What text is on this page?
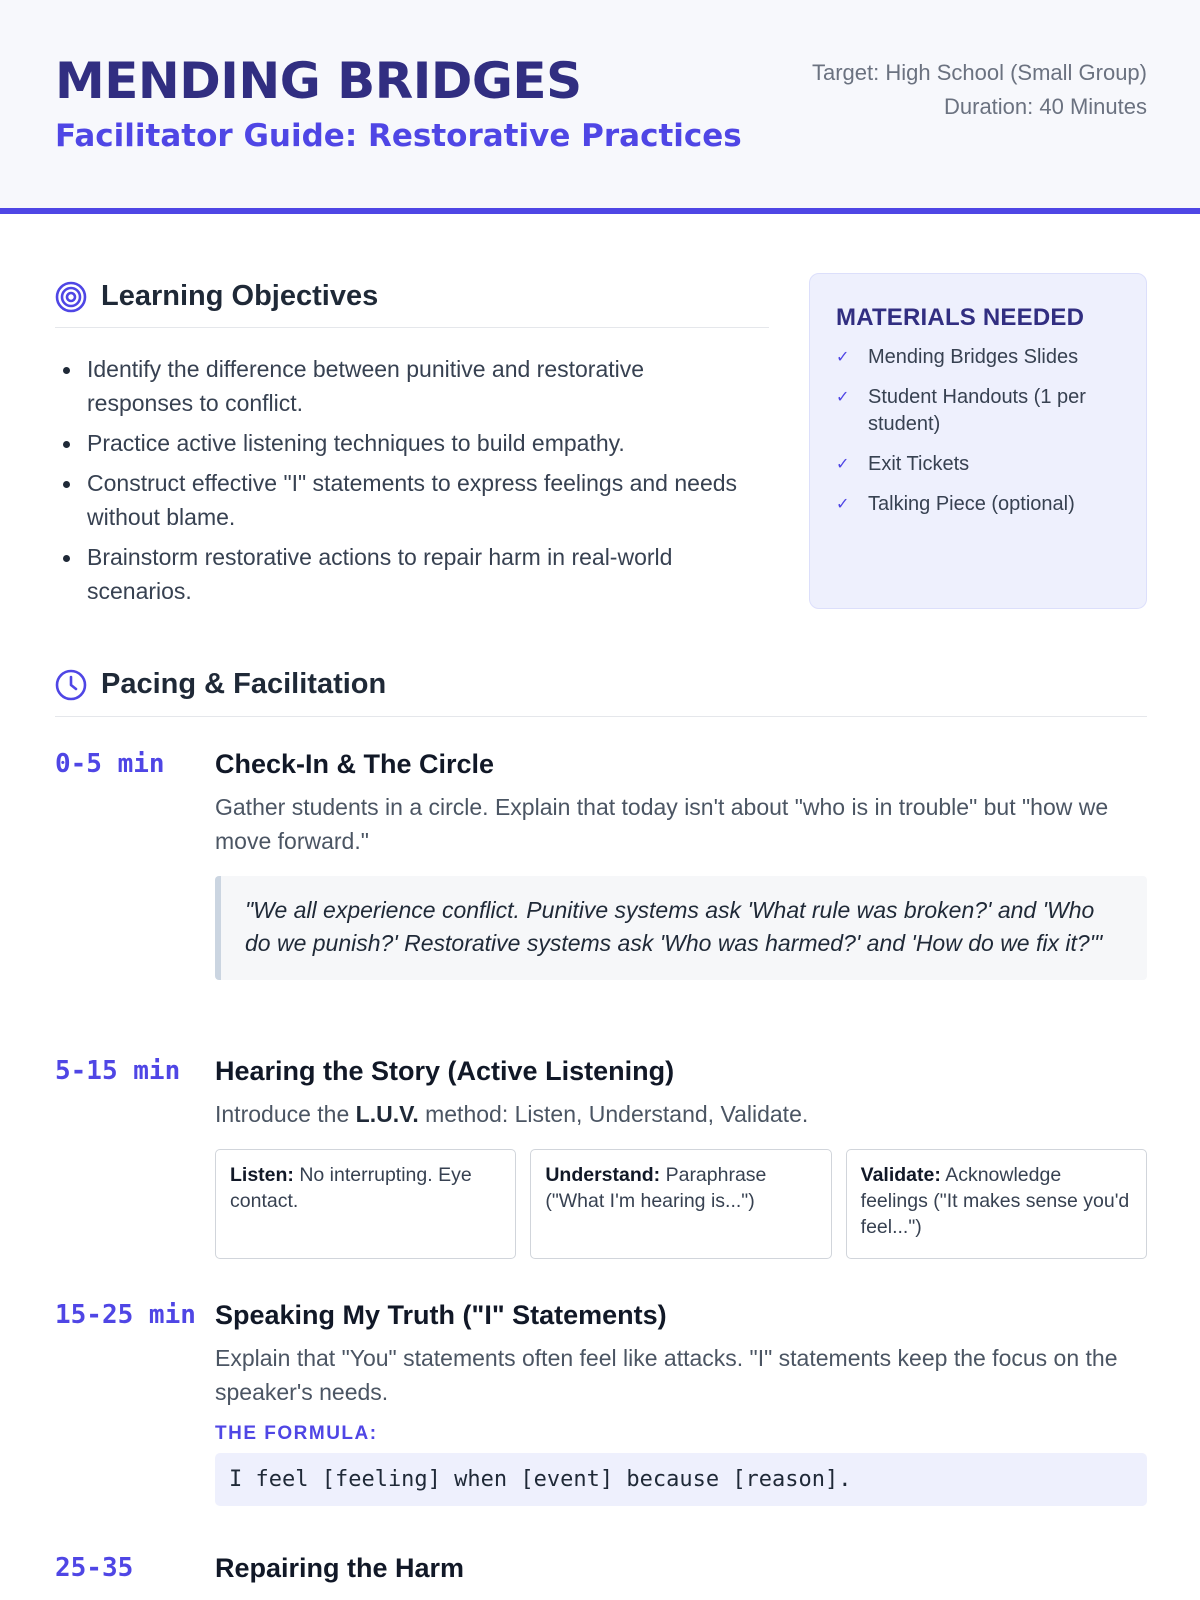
MENDING BRIDGES
Facilitator Guide: Restorative Practices
Target: High School (Small Group)
Duration: 40 Minutes
Learning Objectives
Identify the difference between punitive and restorative responses to conflict.
Practice active listening techniques to build empathy.
Construct effective "I" statements to express feelings and needs without blame.
Brainstorm restorative actions to repair harm in real-world scenarios.
MATERIALS NEEDED
✓ Mending Bridges Slides
✓ Student Handouts (1 per student)
✓ Exit Tickets
✓ Talking Piece (optional)
Pacing & Facilitation
0-5 min	Check-In & The Circle

Gather students in a circle. Explain that today isn't about "who is in trouble" but "how we move forward."

"We all experience conflict. Punitive systems ask 'What rule was broken?' and 'Who do we punish?' Restorative systems ask 'Who was harmed?' and 'How do we fix it?'"
5-15 min	Hearing the Story (Active Listening)

Introduce the L.U.V. method: Listen, Understand, Validate.

Listen: No interrupting. Eye contact.
Understand: Paraphrase ("What I'm hearing is...")
Validate: Acknowledge feelings ("It makes sense you'd feel...")
15-25 min Speaking My Truth ("I" Statements)

Explain that "You" statements often feel like attacks. "I" statements keep the focus on the speaker's needs.

THE FORMULA:
I feel [feeling] when [event] because [reason].
25-35	Repairing the Harm
